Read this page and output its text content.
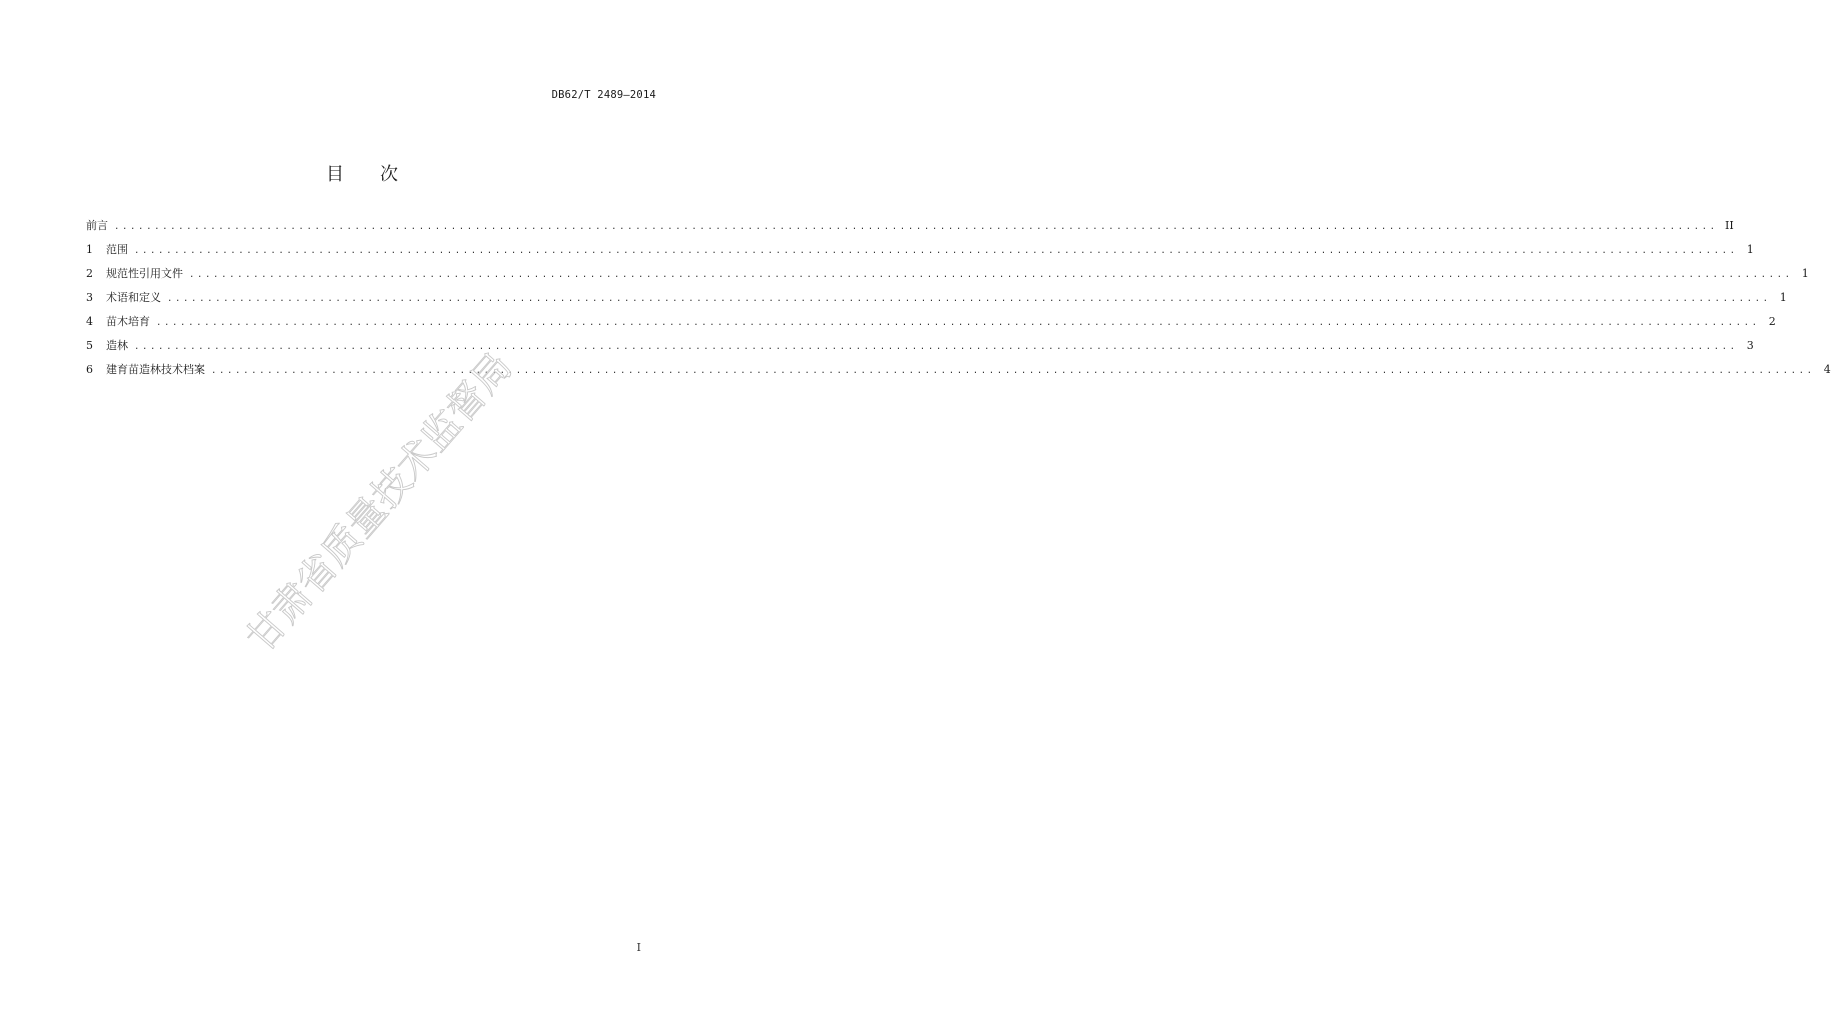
DB62/T 2489—2014
目 次
前言 ........................................................................................................................................................................................................ II
1	范围 ........................................................................................................................................................................................................ 1
2	规范性引用文件 ........................................................................................................................................................................................................ 1
3	术语和定义 ........................................................................................................................................................................................................ 1
4	苗木培育 ........................................................................................................................................................................................................ 2
5	造林 ........................................................................................................................................................................................................ 3
6	建育苗造林技术档案 ........................................................................................................................................................................................................ 4
甘肃省质量技术监督局
I
